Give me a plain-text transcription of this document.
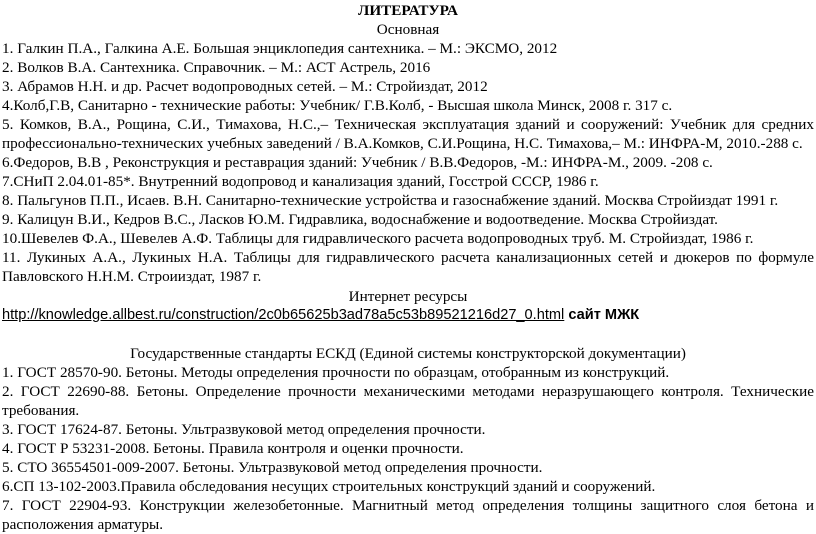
ЛИТЕРАТУРА
Основная
1. Галкин П.А., Галкина А.Е. Большая энциклопедия сантехника. – М.: ЭКСМО, 2012
2. Волков В.А. Сантехника. Справочник. – М.: АСТ Астрель, 2016
3. Абрамов Н.Н. и др. Расчет водопроводных сетей. – М.: Стройиздат, 2012
4.Колб,Г.В, Санитарно - технические работы: Учебник/ Г.В.Колб, - Высшая школа Минск, 2008 г. 317 с.
5. Комков, В.А., Рощина, С.И., Тимахова, Н.С.,– Техническая эксплуатация зданий и сооружений: Учебник для средних профессионально-технических учебных заведений / В.А.Комков, С.И.Рощина, Н.С. Тимахова,– М.: ИНФРА-М, 2010.-288 с.
6.Федоров, В.В , Реконструкция и реставрация зданий: Учебник / В.В.Федоров, -М.: ИНФРА-М., 2009. -208 с.
7.СНиП 2.04.01-85*. Внутренний водопровод и канализация зданий, Госстрой СССР, 1986 г.
8. Пальгунов П.П., Исаев. В.Н. Санитарно-технические устройства и газоснабжение зданий. Москва Стройиздат 1991 г.
9. Калицун В.И., Кедров В.С., Ласков Ю.М. Гидравлика, водоснабжение и водоотведение. Москва Стройиздат.
10.Шевелев Ф.А., Шевелев А.Ф. Таблицы для гидравлического расчета водопроводных труб. М. Стройиздат, 1986 г.
11. Лукиных А.А., Лукиных Н.А. Таблицы для гидравлического расчета канализационных сетей и дюкеров по формуле Павловского Н.Н.М. Строииздат, 1987 г.
Интернет ресурсы
http://knowledge.allbest.ru/construction/2c0b65625b3ad78a5c53b89521216d27_0.html сайт МЖК
Государственные стандарты ЕСКД (Единой системы конструкторской документации)
1. ГОСТ 28570-90. Бетоны. Методы определения прочности по образцам, отобранным из конструкций.
2. ГОСТ 22690-88. Бетоны. Определение прочности механическими методами неразрушающего контроля. Технические требования.
3. ГОСТ 17624-87. Бетоны. Ультразвуковой метод определения прочности.
4. ГОСТ Р 53231-2008. Бетоны. Правила контроля и оценки прочности.
5. СТО 36554501-009-2007. Бетоны. Ультразвуковой метод определения прочности.
6.СП 13-102-2003.Правила обследования несущих строительных конструкций зданий и сооружений.
7. ГОСТ 22904-93. Конструкции железобетонные. Магнитный метод определения толщины защитного слоя бетона и расположения арматуры.
